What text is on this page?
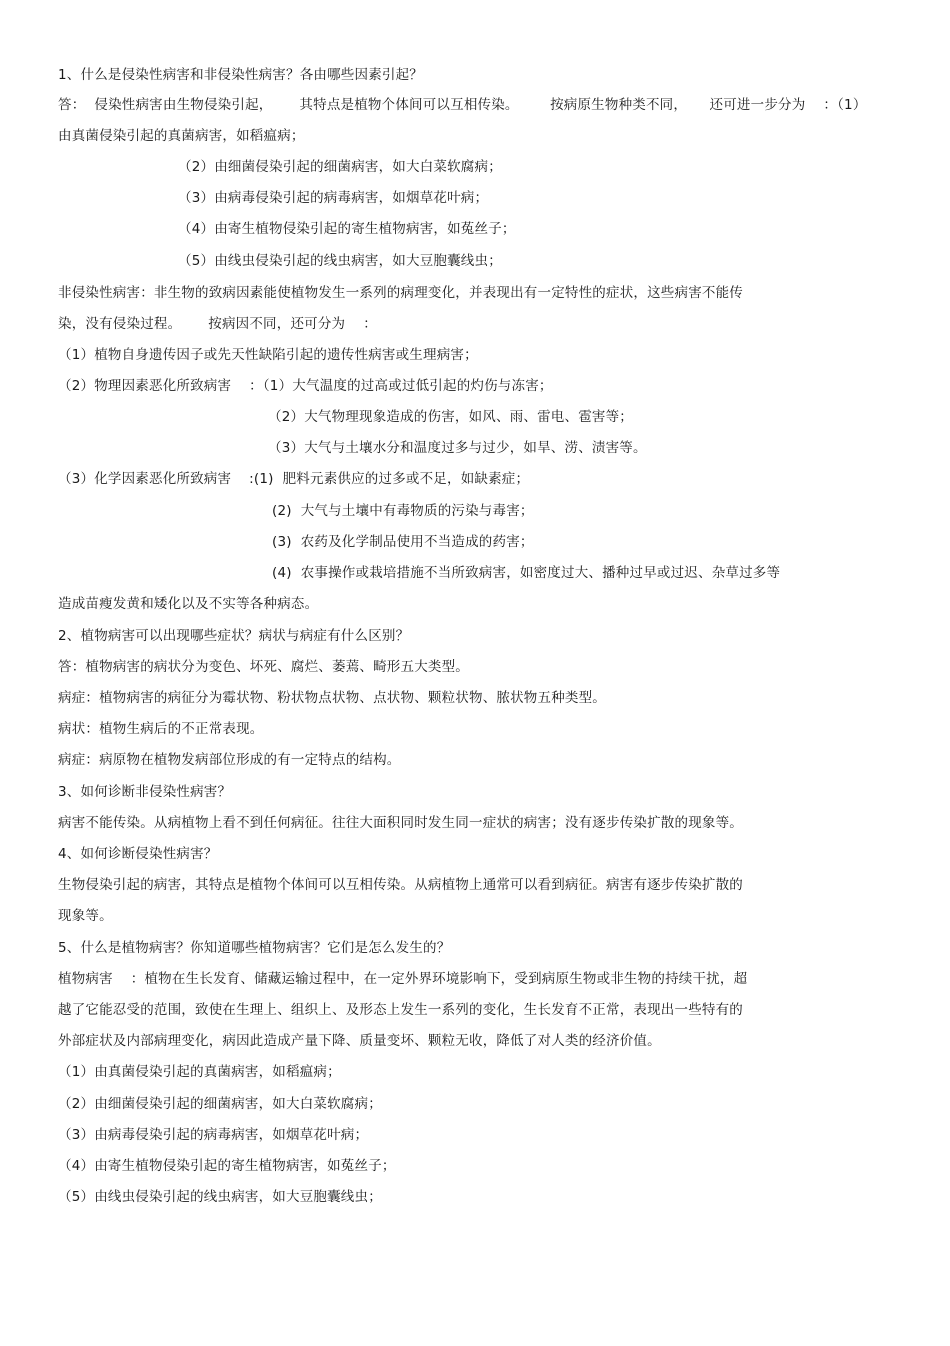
1、什么是侵染性病害和非侵染性病害？各由哪些因素引起？
答：  侵染性病害由生物侵染引起，      其特点是植物个体间可以互相传染。       按病原生物种类不同，     还可进一步分为    ：（1）
由真菌侵染引起的真菌病害，如稻瘟病；
（2）由细菌侵染引起的细菌病害，如大白菜软腐病；
（3）由病毒侵染引起的病毒病害，如烟草花叶病；
（4）由寄生植物侵染引起的寄生植物病害，如菟丝子；
（5）由线虫侵染引起的线虫病害，如大豆胞囊线虫；
非侵染性病害：非生物的致病因素能使植物发生一系列的病理变化，并表现出有一定特性的症状，这些病害不能传
染，没有侵染过程。      按病因不同，还可分为    ：
（1）植物自身遗传因子或先天性缺陷引起的遗传性病害或生理病害；
（2）物理因素恶化所致病害    ：（1）大气温度的过高或过低引起的灼伤与冻害；
（2）大气物理现象造成的伤害，如风、雨、雷电、雹害等；
（3）大气与土壤水分和温度过多与过少，如旱、涝、渍害等。
（3）化学因素恶化所致病害    :(1)  肥料元素供应的过多或不足，如缺素症；
(2)  大气与土壤中有毒物质的污染与毒害；
(3)  农药及化学制品使用不当造成的药害；
(4)  农事操作或栽培措施不当所致病害，如密度过大、播种过早或过迟、杂草过多等
造成苗瘦发黄和矮化以及不实等各种病态。
2、植物病害可以出现哪些症状？病状与病症有什么区别？
答：植物病害的病状分为变色、坏死、腐烂、萎蔫、畸形五大类型。
病症：植物病害的病征分为霉状物、粉状物点状物、点状物、颗粒状物、脓状物五种类型。
病状：植物生病后的不正常表现。
病症：病原物在植物发病部位形成的有一定特点的结构。
3、如何诊断非侵染性病害？
病害不能传染。从病植物上看不到任何病征。往往大面积同时发生同一症状的病害；没有逐步传染扩散的现象等。
4、如何诊断侵染性病害？
生物侵染引起的病害，其特点是植物个体间可以互相传染。从病植物上通常可以看到病征。病害有逐步传染扩散的
现象等。
5、什么是植物病害？你知道哪些植物病害？它们是怎么发生的？
植物病害    ：植物在生长发育、储藏运输过程中，在一定外界环境影响下，受到病原生物或非生物的持续干扰，超
越了它能忍受的范围，致使在生理上、组织上、及形态上发生一系列的变化，生长发育不正常，表现出一些特有的
外部症状及内部病理变化，病因此造成产量下降、质量变坏、颗粒无收，降低了对人类的经济价值。
（1）由真菌侵染引起的真菌病害，如稻瘟病；
（2）由细菌侵染引起的细菌病害，如大白菜软腐病；
（3）由病毒侵染引起的病毒病害，如烟草花叶病；
（4）由寄生植物侵染引起的寄生植物病害，如菟丝子；
（5）由线虫侵染引起的线虫病害，如大豆胞囊线虫；
